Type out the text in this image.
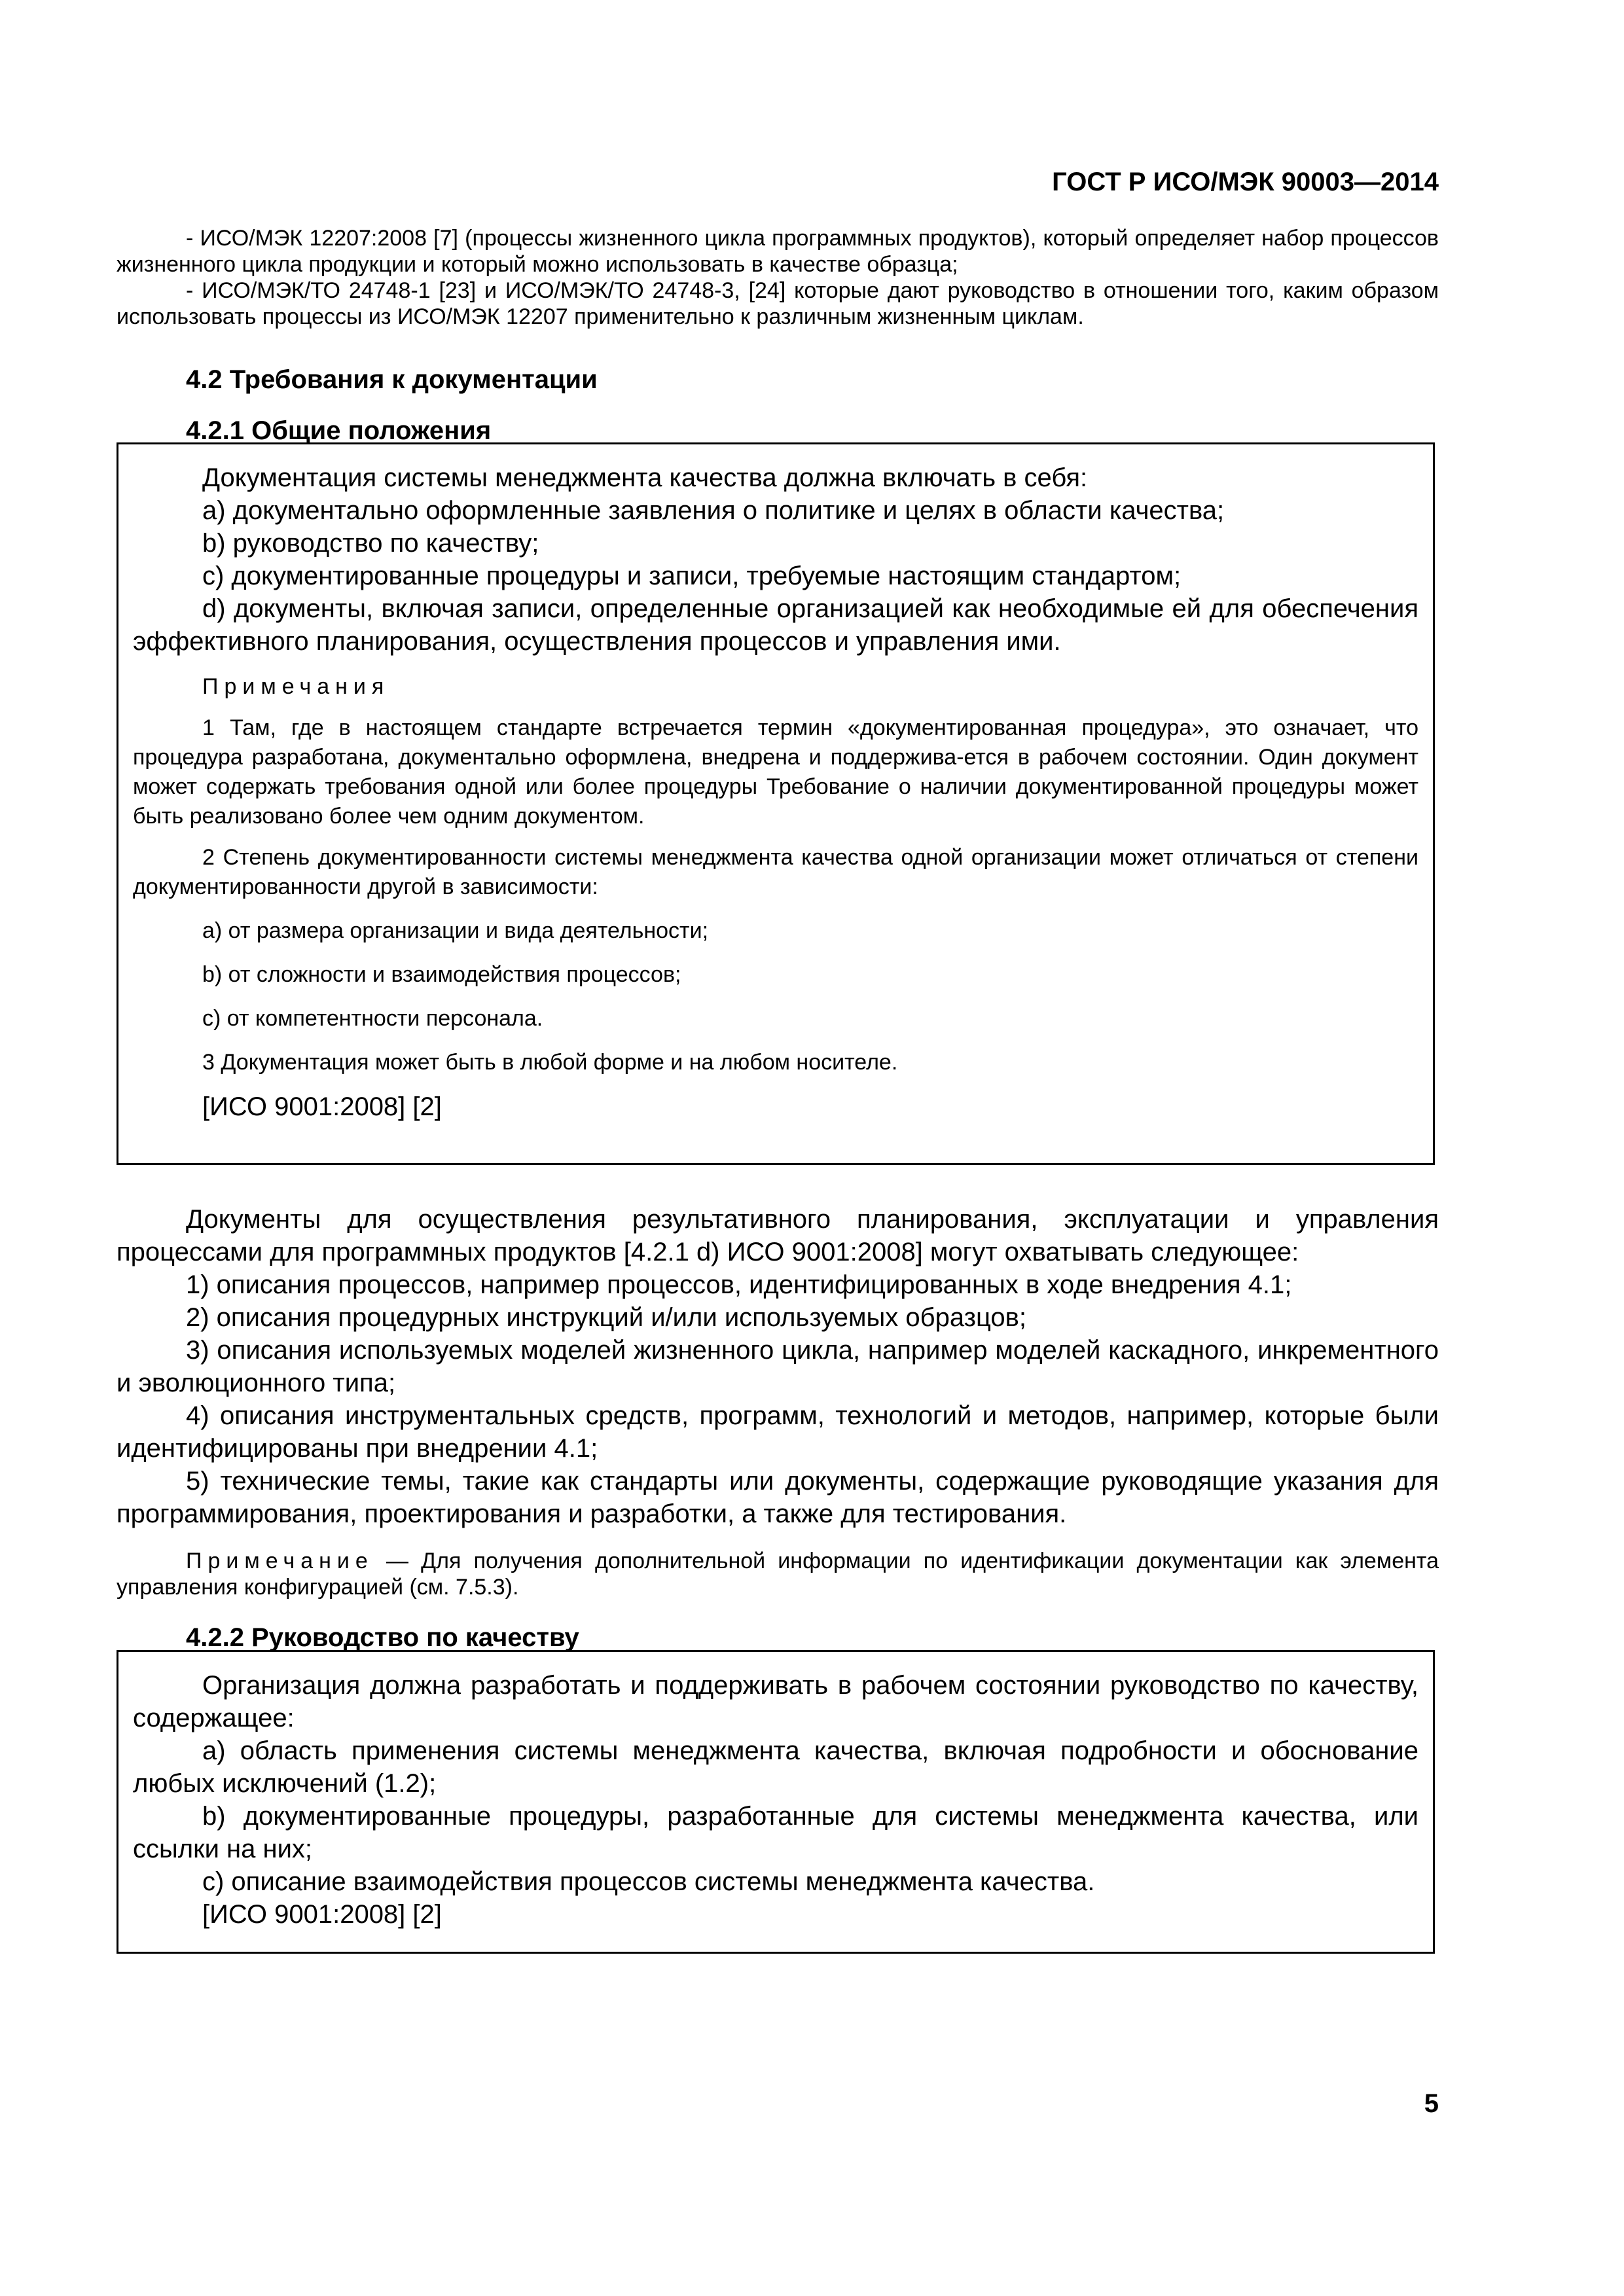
ГОСТ Р ИСО/МЭК 90003—2014

- ИСО/МЭК 12207:2008 [7] (процессы жизненного цикла программных продуктов), который определяет набор процессов жизненного цикла продукции и который можно использовать в качестве образца;

- ИСО/МЭК/ТО 24748-1 [23] и ИСО/МЭК/ТО 24748-3, [24] которые дают руководство в отношении того, каким образом использовать процессы из ИСО/МЭК 12207 применительно к различным жизненным циклам.

4.2 Требования к документации
4.2.1 Общие положения

Документация системы менеджмента качества должна включать в себя:

а) документально оформленные заявления о политике и целях в области качества;

b) руководство по качеству;

c) документированные процедуры и записи, требуемые настоящим стандартом;

d) документы, включая записи, определенные организацией как необходимые ей для обеспечения эффективного планирования, осуществления процессов и управления ими.

Примечания

1 Там, где в настоящем стандарте встречается термин «документированная процедура», это означает, что процедура разработана, документально оформлена, внедрена и поддержива-ется в рабочем состоянии. Один документ может содержать требования одной или более процедуры Требование о наличии документированной процедуры может быть реализовано более чем одним документом.

2 Степень документированности системы менеджмента качества одной организации может отличаться от степени документированности другой в зависимости:

а) от размера организации и вида деятельности;

b) от сложности и взаимодействия процессов;

c) от компетентности персонала.

3 Документация может быть в любой форме и на любом носителе.

[ИСО 9001:2008] [2]

Документы для осуществления результативного планирования, эксплуатации и управления процессами для программных продуктов [4.2.1 d) ИСО 9001:2008] могут охватывать следующее:

1) описания процессов, например процессов, идентифицированных в ходе внедрения 4.1;

2) описания процедурных инструкций и/или используемых образцов;

3) описания используемых моделей жизненного цикла, например моделей каскадного, инкрементного и эволюционного типа;

4) описания инструментальных средств, программ, технологий и методов, например, которые были идентифицированы при внедрении 4.1;

5) технические темы, такие как стандарты или документы, содержащие руководящие указания для программирования, проектирования и разработки, а также для тестирования.

Примечание — Для получения дополнительной информации по идентификации документации как элемента управления конфигурацией (см. 7.5.3).

4.2.2 Руководство по качеству

Организация должна разработать и поддерживать в рабочем состоянии руководство по качеству, содержащее:

а) область применения системы менеджмента качества, включая подробности и обоснование любых исключений (1.2);

b) документированные процедуры, разработанные для системы менеджмента качества, или ссылки на них;

c) описание взаимодействия процессов системы менеджмента качества.

[ИСО 9001:2008] [2]

5
